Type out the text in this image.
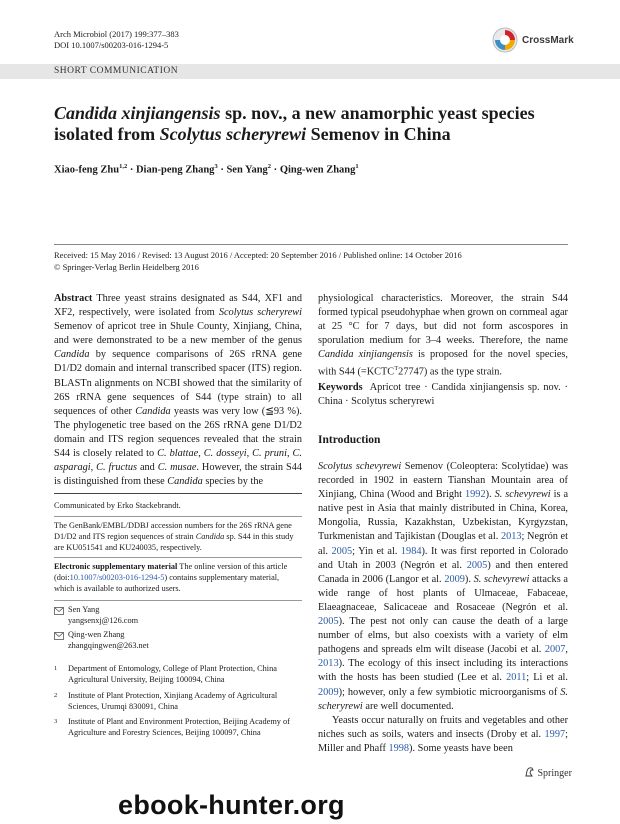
Arch Microbiol (2017) 199:377–383
DOI 10.1007/s00203-016-1294-5	CrossMark
SHORT COMMUNICATION
Candida xinjiangensis sp. nov., a new anamorphic yeast species isolated from Scolytus scheryrewi Semenov in China
Xiao-feng Zhu$^{1,2}$ · Dian-peng Zhang$^3$ · Sen Yang$^2$ · Qing-wen Zhang$^1$
Received: 15 May 2016 / Revised: 13 August 2016 / Accepted: 20 September 2016 / Published online: 14 October 2016
© Springer-Verlag Berlin Heidelberg 2016
Abstract Three yeast strains designated as S44, XF1 and XF2, respectively, were isolated from Scolytus scheryrewi Semenov of apricot tree in Shule County, Xinjiang, China, and were demonstrated to be a new member of the genus Candida by sequence comparisons of 26S rRNA gene D1/D2 domain and internal transcribed spacer (ITS) region. BLASTn alignments on NCBI showed that the similarity of 26S rRNA gene sequences of S44 (type strain) to all sequences of other Candida yeasts was very low (≦93 %). The phylogenetic tree based on the 26S rRNA gene D1/D2 domain and ITS region sequences revealed that the strain S44 is closely related to C. blattae, C. dosseyi, C. pruni, C. asparagi, C. fructus and C. musae. However, the strain S44 is distinguished from these Candida species by the
Communicated by Erko Stackebrandt.
The GenBank/EMBL/DDBJ accession numbers for the 26S rRNA gene D1/D2 and ITS region sequences of strain Candida sp. S44 in this study are KU051541 and KU240035, respectively.
Electronic supplementary material The online version of this article (doi:10.1007/s00203-016-1294-5) contains supplementary material, which is available to authorized users.
Sen Yang
yangsenxj@126.com
Qing-wen Zhang
zhangqingwen@263.net
1 Department of Entomology, College of Plant Protection, China Agricultural University, Beijing 100094, China
2 Institute of Plant Protection, Xinjiang Academy of Agricultural Sciences, Urumqi 830091, China
3 Institute of Plant and Environment Protection, Beijing Academy of Agriculture and Forestry Sciences, Beijing 100097, China
physiological characteristics. Moreover, the strain S44 formed typical pseudohyphae when grown on cornmeal agar at 25 °C for 7 days, but did not form ascospores in sporulation medium for 3–4 weeks. Therefore, the name Candida xinjiangensis is proposed for the novel species, with S44 $(=KCTC^T27747)$ as the type strain.
Keywords Apricot tree · Candida xinjiangensis sp. nov. · China · Scolytus scheryrewi
Introduction
Scolytus schevyrewi Semenov (Coleoptera: Scolytidae) was recorded in 1902 in eastern Tianshan Mountain area of Xinjiang, China (Wood and Bright 1992). S. schevyrewi is a native pest in Asia that mainly distributed in China, Korea, Mongolia, Russia, Kazakhstan, Uzbekistan, Kyrgyzstan, Turkmenistan and Tajikistan (Douglas et al. 2013; Negrón et al. 2005; Yin et al. 1984). It was first reported in Colorado and Utah in 2003 (Negrón et al. 2005) and then entered Canada in 2006 (Langor et al. 2009). S. schevyrewi attacks a wide range of host plants of Ulmaceae, Fabaceae, Elaeagnaceae, Salicaceae and Rosaceae (Negrón et al. 2005). The pest not only can cause the death of a large number of elms, but also coexists with a variety of elm pathogens and spreads elm wilt disease (Jacobi et al. 2007, 2013). The ecology of this insect including its interactions with the hosts has been studied (Lee et al. 2011; Li et al. 2009); however, only a few symbiotic microorganisms of S. scheryrewi are well documented.
Yeasts occur naturally on fruits and vegetables and other niches such as soils, waters and insects (Droby et al. 1997; Miller and Phaff 1998). Some yeasts have been
Springer
ebook-hunter.org
